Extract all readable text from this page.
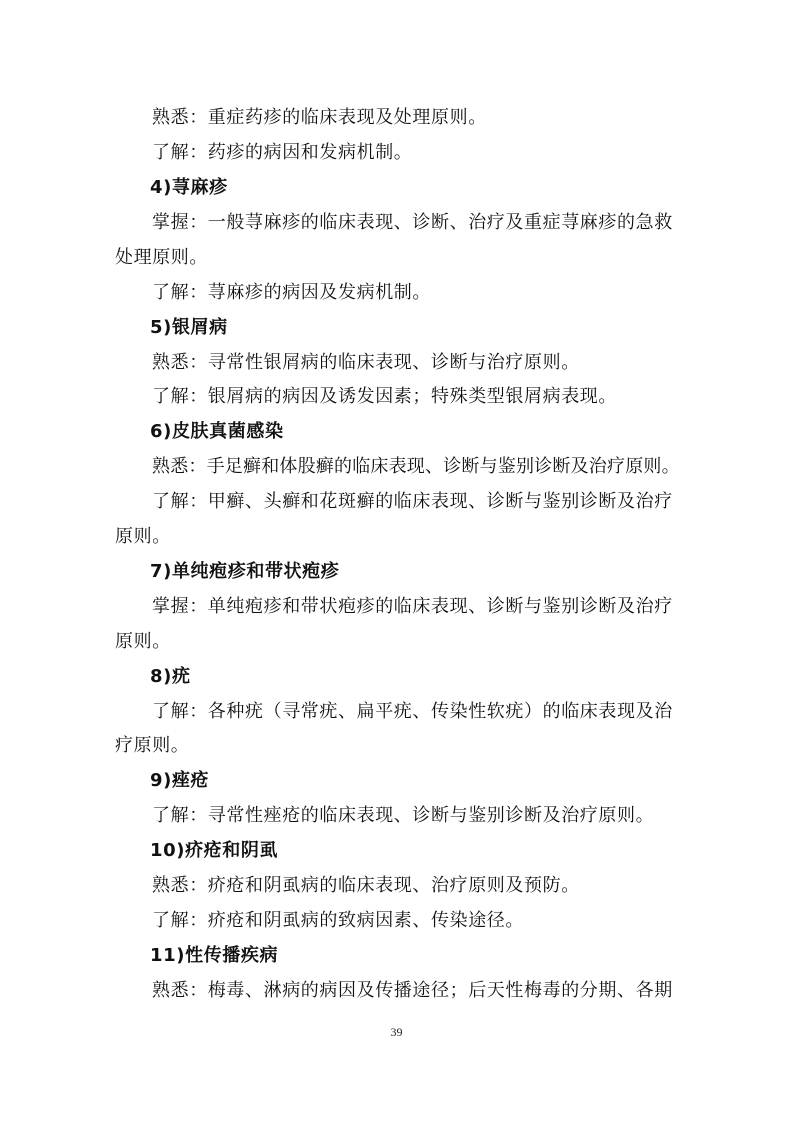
熟悉：重症药疹的临床表现及处理原则。
了解：药疹的病因和发病机制。
4)荨麻疹
掌握：一般荨麻疹的临床表现、诊断、治疗及重症荨麻疹的急救
处理原则。
了解：荨麻疹的病因及发病机制。
5)银屑病
熟悉：寻常性银屑病的临床表现、诊断与治疗原则。
了解：银屑病的病因及诱发因素；特殊类型银屑病表现。
6)皮肤真菌感染
熟悉：手足癣和体股癣的临床表现、诊断与鉴别诊断及治疗原则。
了解：甲癣、头癣和花斑癣的临床表现、诊断与鉴别诊断及治疗
原则。
7)单纯疱疹和带状疱疹
掌握：单纯疱疹和带状疱疹的临床表现、诊断与鉴别诊断及治疗
原则。
8)疣
了解：各种疣（寻常疣、扁平疣、传染性软疣）的临床表现及治
疗原则。
9)痤疮
了解：寻常性痤疮的临床表现、诊断与鉴别诊断及治疗原则。
10)疥疮和阴虱
熟悉：疥疮和阴虱病的临床表现、治疗原则及预防。
了解：疥疮和阴虱病的致病因素、传染途径。
11)性传播疾病
熟悉：梅毒、淋病的病因及传播途径；后天性梅毒的分期、各期
39
